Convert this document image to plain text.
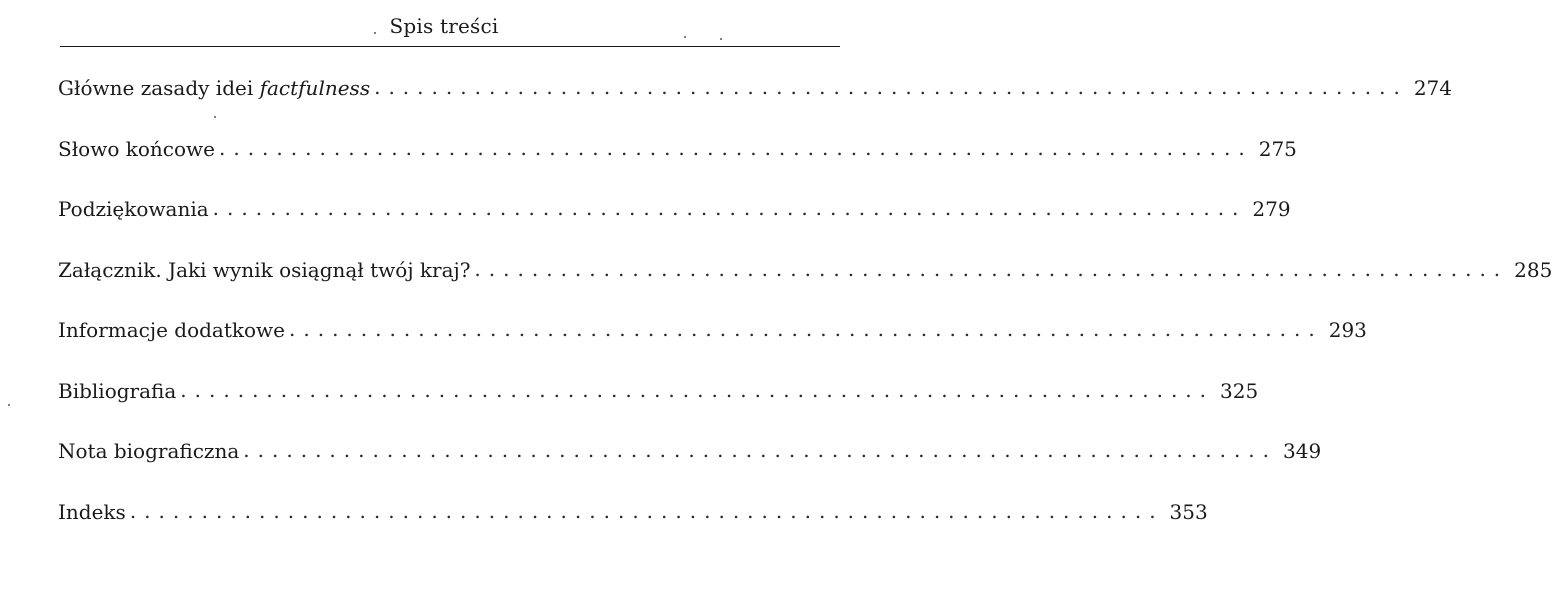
Spis treści
Główne zasady idei factfulness ........................................................................ 274
Słowo końcowe ........................................................................ 275
Podziękowania ........................................................................ 279
Załącznik. Jaki wynik osiągnął twój kraj? ........................................................................ 285
Informacje dodatkowe ........................................................................ 293
Bibliografia ........................................................................ 325
Nota biograficzna ........................................................................ 349
Indeks ........................................................................ 353
